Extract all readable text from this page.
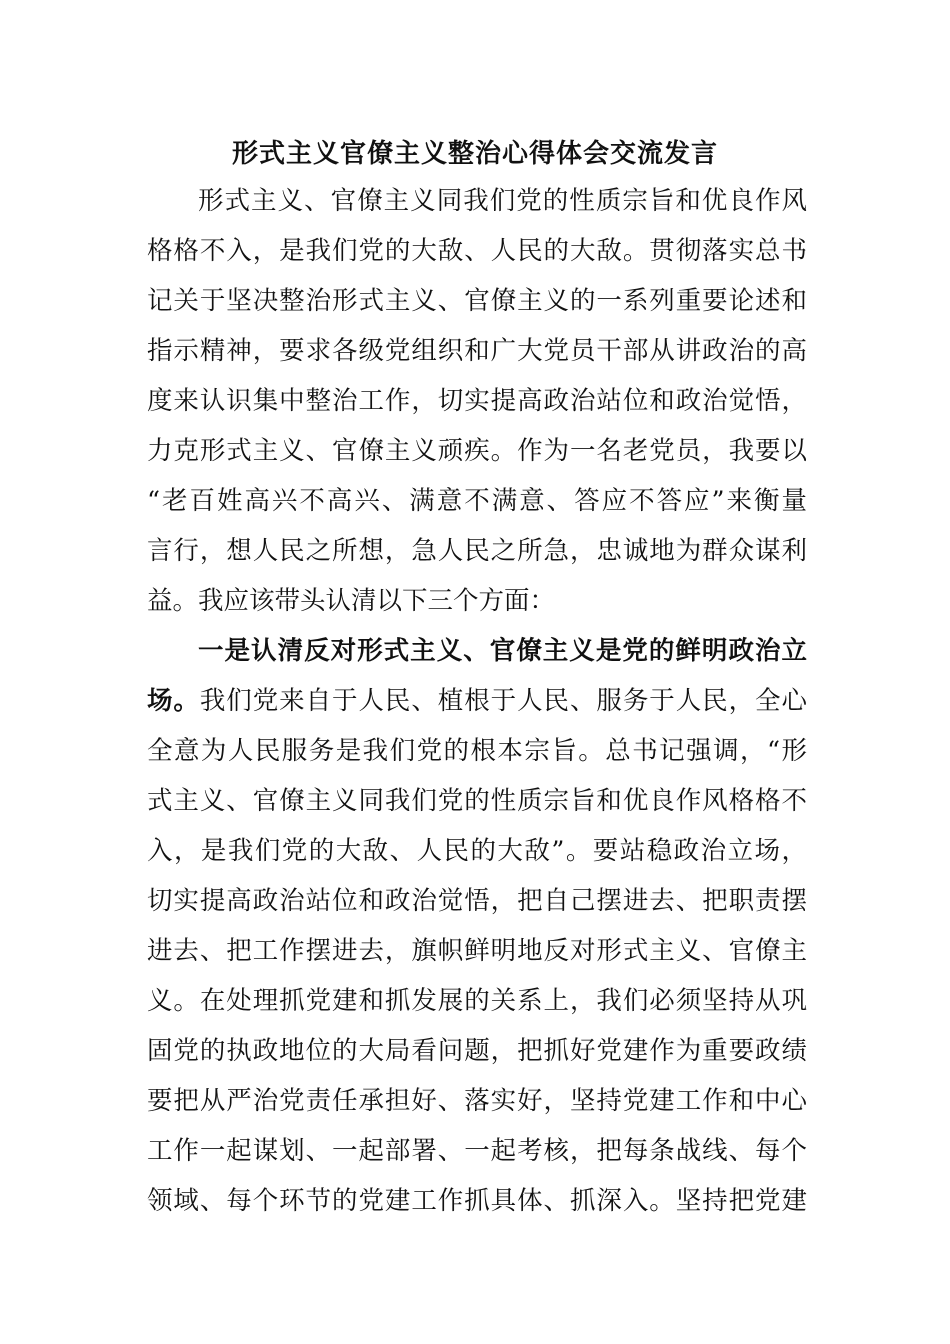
形式主义官僚主义整治心得体会交流发言

形式主义、官僚主义同我们党的性质宗旨和优良作风

格格不入，是我们党的大敌、人民的大敌。贯彻落实总书

记关于坚决整治形式主义、官僚主义的一系列重要论述和

指示精神，要求各级党组织和广大党员干部从讲政治的高

度来认识集中整治工作，切实提高政治站位和政治觉悟，

力克形式主义、官僚主义顽疾。作为一名老党员，我要以

“老百姓高兴不高兴、满意不满意、答应不答应”来衡量

言行，想人民之所想，急人民之所急，忠诚地为群众谋利

益。我应该带头认清以下三个方面：

一是认清反对形式主义、官僚主义是党的鲜明政治立

场。我们党来自于人民、植根于人民、服务于人民，全心

全意为人民服务是我们党的根本宗旨。总书记强调，“形

式主义、官僚主义同我们党的性质宗旨和优良作风格格不

入，是我们党的大敌、人民的大敌”。要站稳政治立场，

切实提高政治站位和政治觉悟，把自己摆进去、把职责摆

进去、把工作摆进去，旗帜鲜明地反对形式主义、官僚主

义。在处理抓党建和抓发展的关系上，我们必须坚持从巩

固党的执政地位的大局看问题，把抓好党建作为重要政绩

要把从严治党责任承担好、落实好，坚持党建工作和中心

工作一起谋划、一起部署、一起考核，把每条战线、每个

领域、每个环节的党建工作抓具体、抓深入。坚持把党建
